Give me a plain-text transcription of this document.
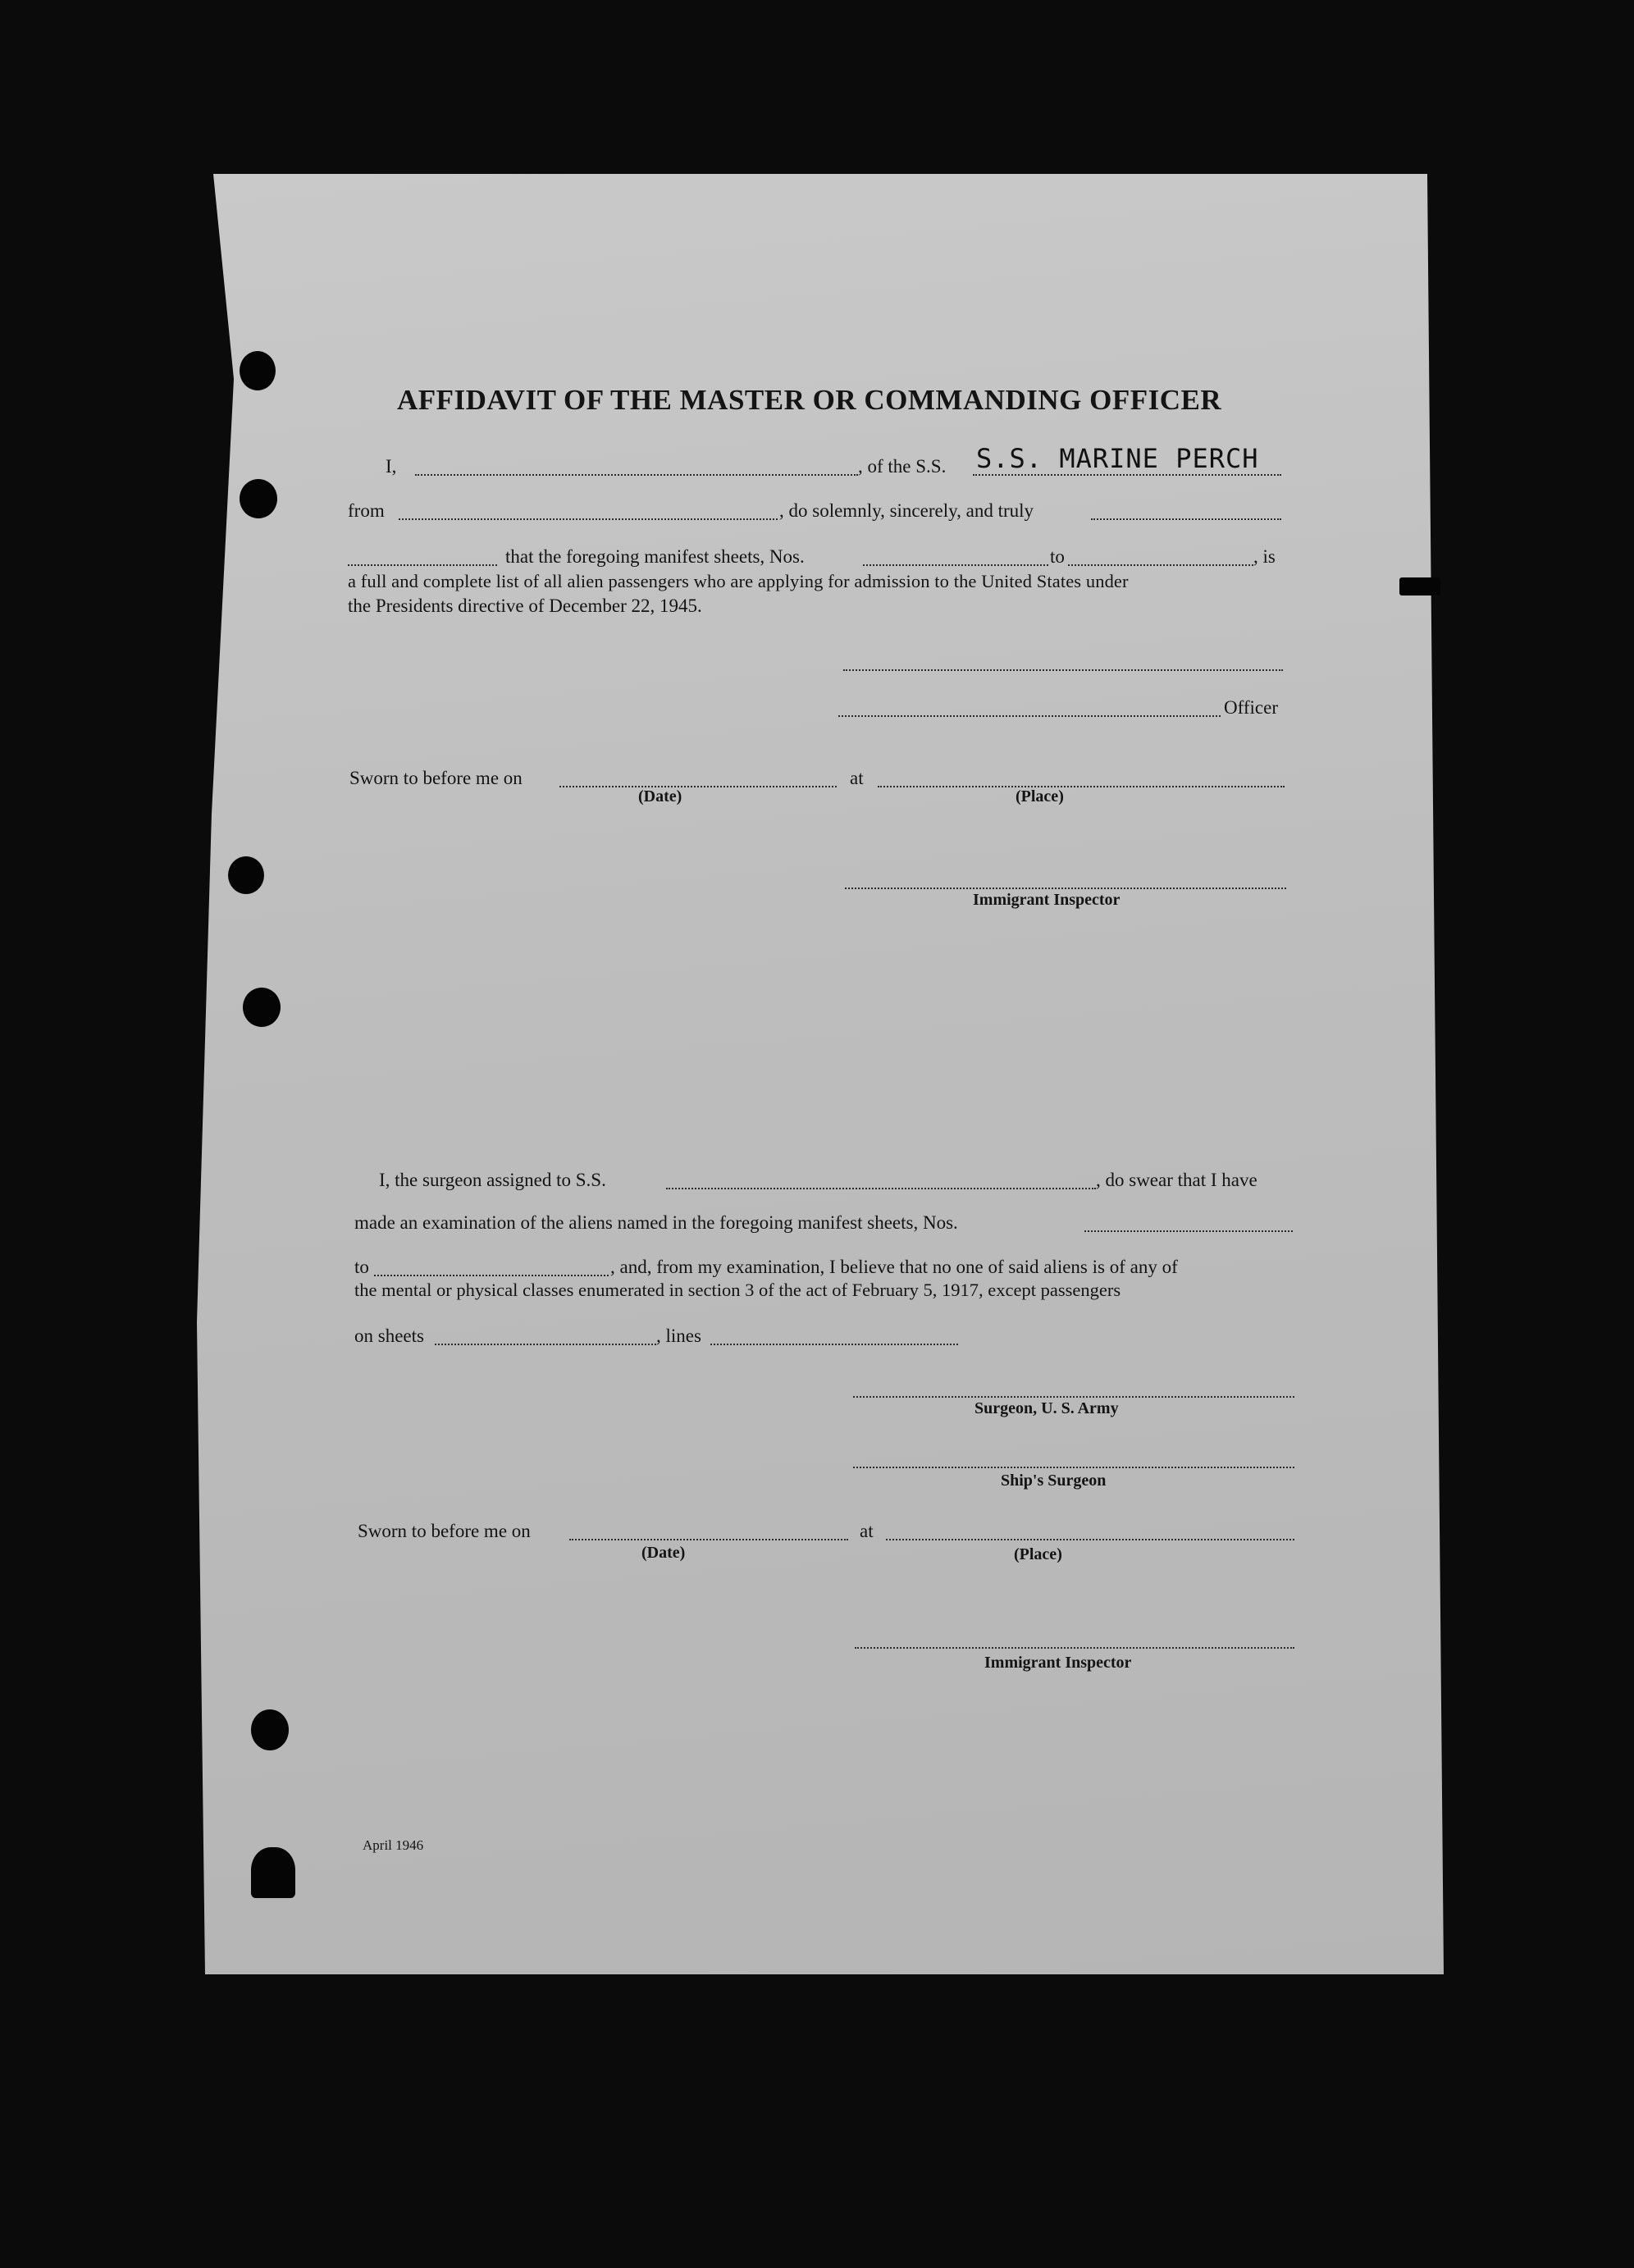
AFFIDAVIT OF THE MASTER OR COMMANDING OFFICER
I,	, of the S.S. S.S. MARINE PERCH
from	, do solemnly, sincerely, and truly
that the foregoing manifest sheets, Nos.	to	, is
a full and complete list of all alien passengers who are applying for admission to the United States under
the Presidents directive of December 22, 1945.
Officer
Sworn to before me on	at
(Date)	(Place)
Immigrant Inspector
I, the surgeon assigned to S.S.	, do swear that I have
made an examination of the aliens named in the foregoing manifest sheets, Nos.
to	, and, from my examination, I believe that no one of said aliens is of any of
the mental or physical classes enumerated in section 3 of the act of February 5, 1917, except passengers
on sheets	, lines
Surgeon, U. S. Army
Ship's Surgeon
Sworn to before me on	at
(Date)	(Place)
Immigrant Inspector
April 1946
